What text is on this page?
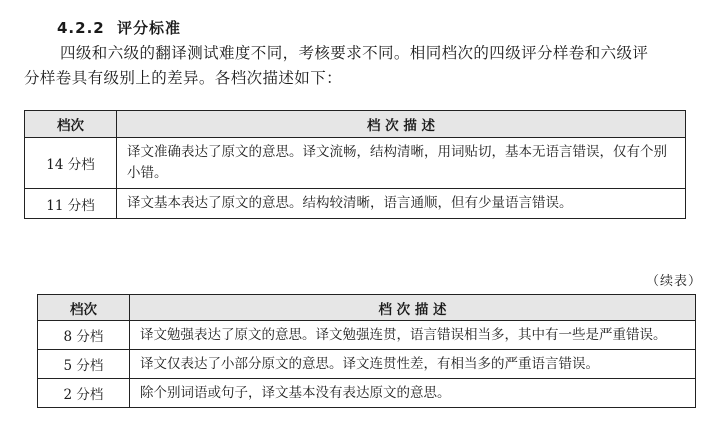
4.2.2 评分标准

四级和六级的翻译测试难度不同，考核要求不同。相同档次的四级评分样卷和六级评

分样卷具有级别上的差异。各档次描述如下：

档次	档 次 描 述
14 分档	译文准确表达了原文的意思。译文流畅，结构清晰，用词贴切，基本无语言错误，仅有个别
小错。

11 分档	译文基本表达了原文的意思。结构较清晰，语言通顺，但有少量语言错误。
（续表）
档次	档 次 描 述
8 分档	译文勉强表达了原文的意思。译文勉强连贯，语言错误相当多，其中有一些是严重错误。
5 分档	译文仅表达了小部分原文的意思。译文连贯性差，有相当多的严重语言错误。
2 分档	除个别词语或句子，译文基本没有表达原文的意思。
